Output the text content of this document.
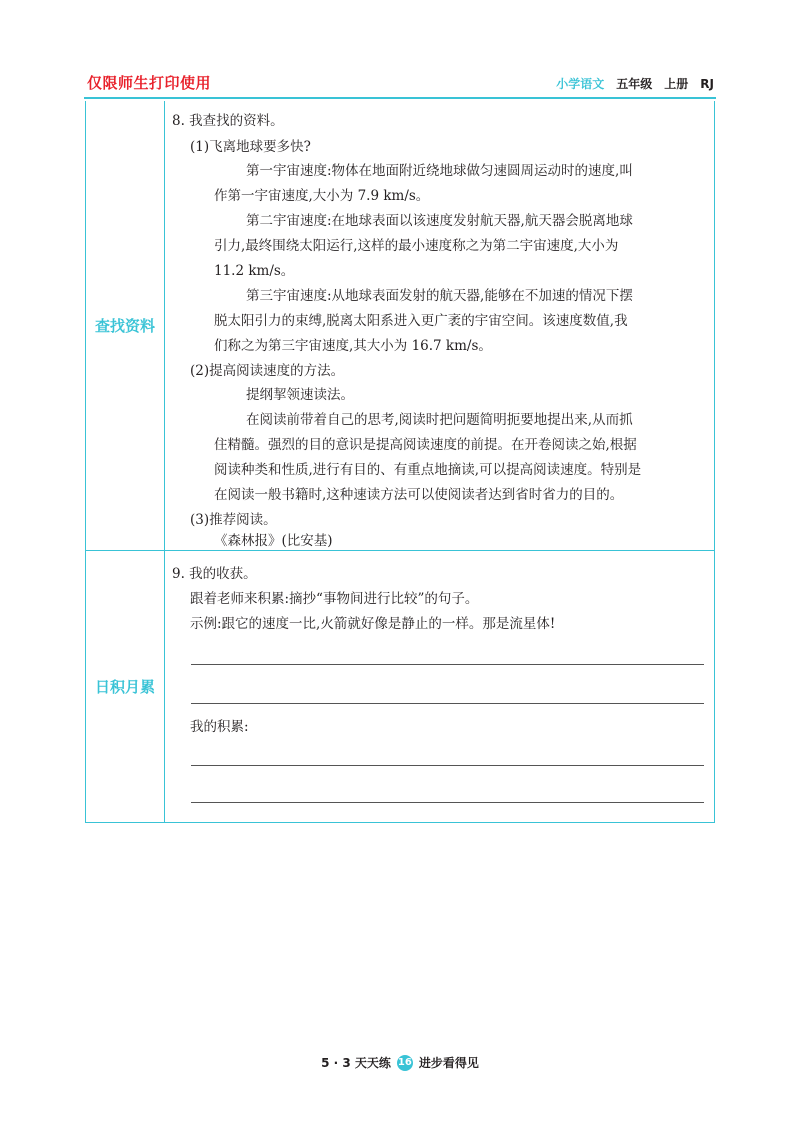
仅限师生打印使用	小学语文 五年级 上册 RJ
查找资料
日积月累
8. 我查找的资料。
(1)飞离地球要多快?
第一宇宙速度:物体在地面附近绕地球做匀速圆周运动时的速度,叫
作第一宇宙速度,大小为 7.9 km/s。
第二宇宙速度:在地球表面以该速度发射航天器,航天器会脱离地球
引力,最终围绕太阳运行,这样的最小速度称之为第二宇宙速度,大小为
11.2 km/s。
第三宇宙速度:从地球表面发射的航天器,能够在不加速的情况下摆
脱太阳引力的束缚,脱离太阳系进入更广袤的宇宙空间。该速度数值,我
们称之为第三宇宙速度,其大小为 16.7 km/s。
(2)提高阅读速度的方法。
提纲挈领速读法。
在阅读前带着自己的思考,阅读时把问题简明扼要地提出来,从而抓
住精髓。强烈的目的意识是提高阅读速度的前提。在开卷阅读之始,根据
阅读种类和性质,进行有目的、有重点地摘读,可以提高阅读速度。特别是
在阅读一般书籍时,这种速读方法可以使阅读者达到省时省力的目的。
(3)推荐阅读。
《森林报》(比安基)
9. 我的收获。
跟着老师来积累:摘抄“事物间进行比较”的句子。
示例:跟它的速度一比,火箭就好像是静止的一样。那是流星体!
我的积累:
5 · 3 天天练 16 进步看得见
